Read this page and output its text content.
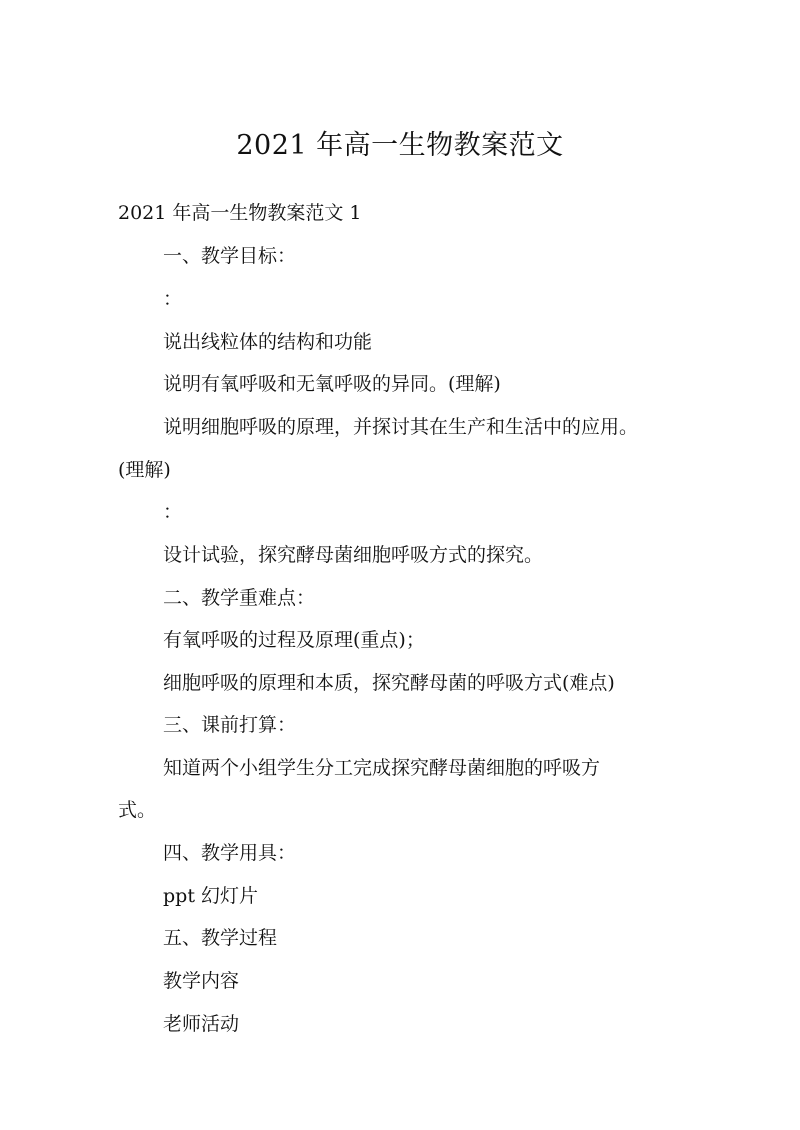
2021 年高一生物教案范文
2021 年高一生物教案范文 1
一、教学目标：
：
说出线粒体的结构和功能
说明有氧呼吸和无氧呼吸的异同。(理解)
说明细胞呼吸的原理，并探讨其在生产和生活中的应用。
(理解)
：
设计试验，探究酵母菌细胞呼吸方式的探究。
二、教学重难点：
有氧呼吸的过程及原理(重点)；
细胞呼吸的原理和本质，探究酵母菌的呼吸方式(难点)
三、课前打算：
知道两个小组学生分工完成探究酵母菌细胞的呼吸方
式。
四、教学用具：
ppt 幻灯片
五、教学过程
教学内容
老师活动
